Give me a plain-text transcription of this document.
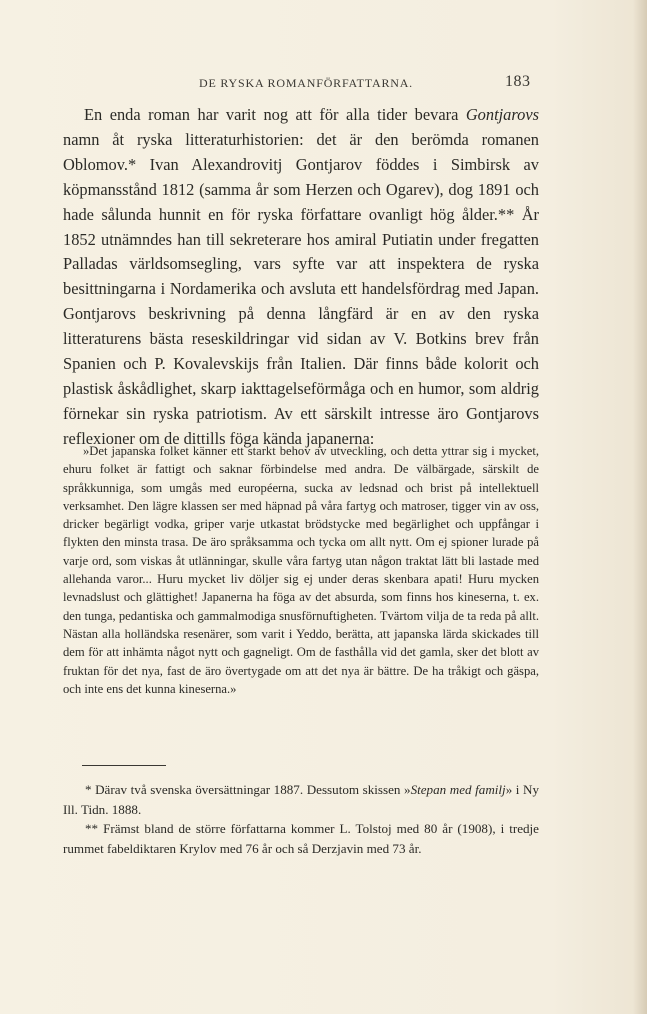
DE RYSKA ROMANFÖRFATTARNA.	183

En enda roman har varit nog att för alla tider bevara Gontjarovs namn åt ryska litteraturhistorien: det är den berömda romanen Oblomov.* Ivan Alexandrovitj Gontjarov föddes i Simbirsk av köpmansstånd 1812 (samma år som Herzen och Ogarev), dog 1891 och hade sålunda hunnit en för ryska författare ovanligt hög ålder.** År 1852 utnämndes han till sekreterare hos amiral Putiatin under fregatten Palladas världsomsegling, vars syfte var att inspektera de ryska besittningarna i Nordamerika och avsluta ett handelsfördrag med Japan. Gontjarovs beskrivning på denna långfärd är en av den ryska litteraturens bästa reseskildringar vid sidan av V. Botkins brev från Spanien och P. Kovalevskijs från Italien. Där finns både kolorit och plastisk åskådlighet, skarp iakttagelseförmåga och en humor, som aldrig förnekar sin ryska patriotism. Av ett särskilt intresse äro Gontjarovs reflexioner om de dittills föga kända japanerna:

»Det japanska folket känner ett starkt behov av utveckling, och detta yttrar sig i mycket, ehuru folket är fattigt och saknar förbindelse med andra. De välbärgade, särskilt de språkkunniga, som umgås med européerna, sucka av ledsnad och brist på intellektuell verksamhet. Den lägre klassen ser med häpnad på våra fartyg och matroser, tigger vin av oss, dricker begärligt vodka, griper varje utkastat brödstycke med begärlighet och uppfångar i flykten den minsta trasa. De äro språksamma och tycka om allt nytt. Om ej spioner lurade på varje ord, som viskas åt utlänningar, skulle våra fartyg utan någon traktat lätt bli lastade med allehanda varor... Huru mycket liv döljer sig ej under deras skenbara apati! Huru mycken levnadslust och glättighet! Japanerna ha föga av det absurda, som finns hos kineserna, t. ex. den tunga, pedantiska och gammalmodiga snusförnuftigheten. Tvärtom vilja de ta reda på allt. Nästan alla holländska resenärer, som varit i Yeddo, berätta, att japanska lärda skickades till dem för att inhämta något nytt och gagneligt. Om de fasthålla vid det gamla, sker det blott av fruktan för det nya, fast de äro övertygade om att det nya är bättre. De ha tråkigt och gäspa, och inte ens det kunna kineserna.»

* Därav två svenska översättningar 1887. Dessutom skissen »Stepan med familj» i Ny Ill. Tidn. 1888.

** Främst bland de större författarna kommer L. Tolstoj med 80 år (1908), i tredje rummet fabeldiktaren Krylov med 76 år och så Derzjavin med 73 år.
